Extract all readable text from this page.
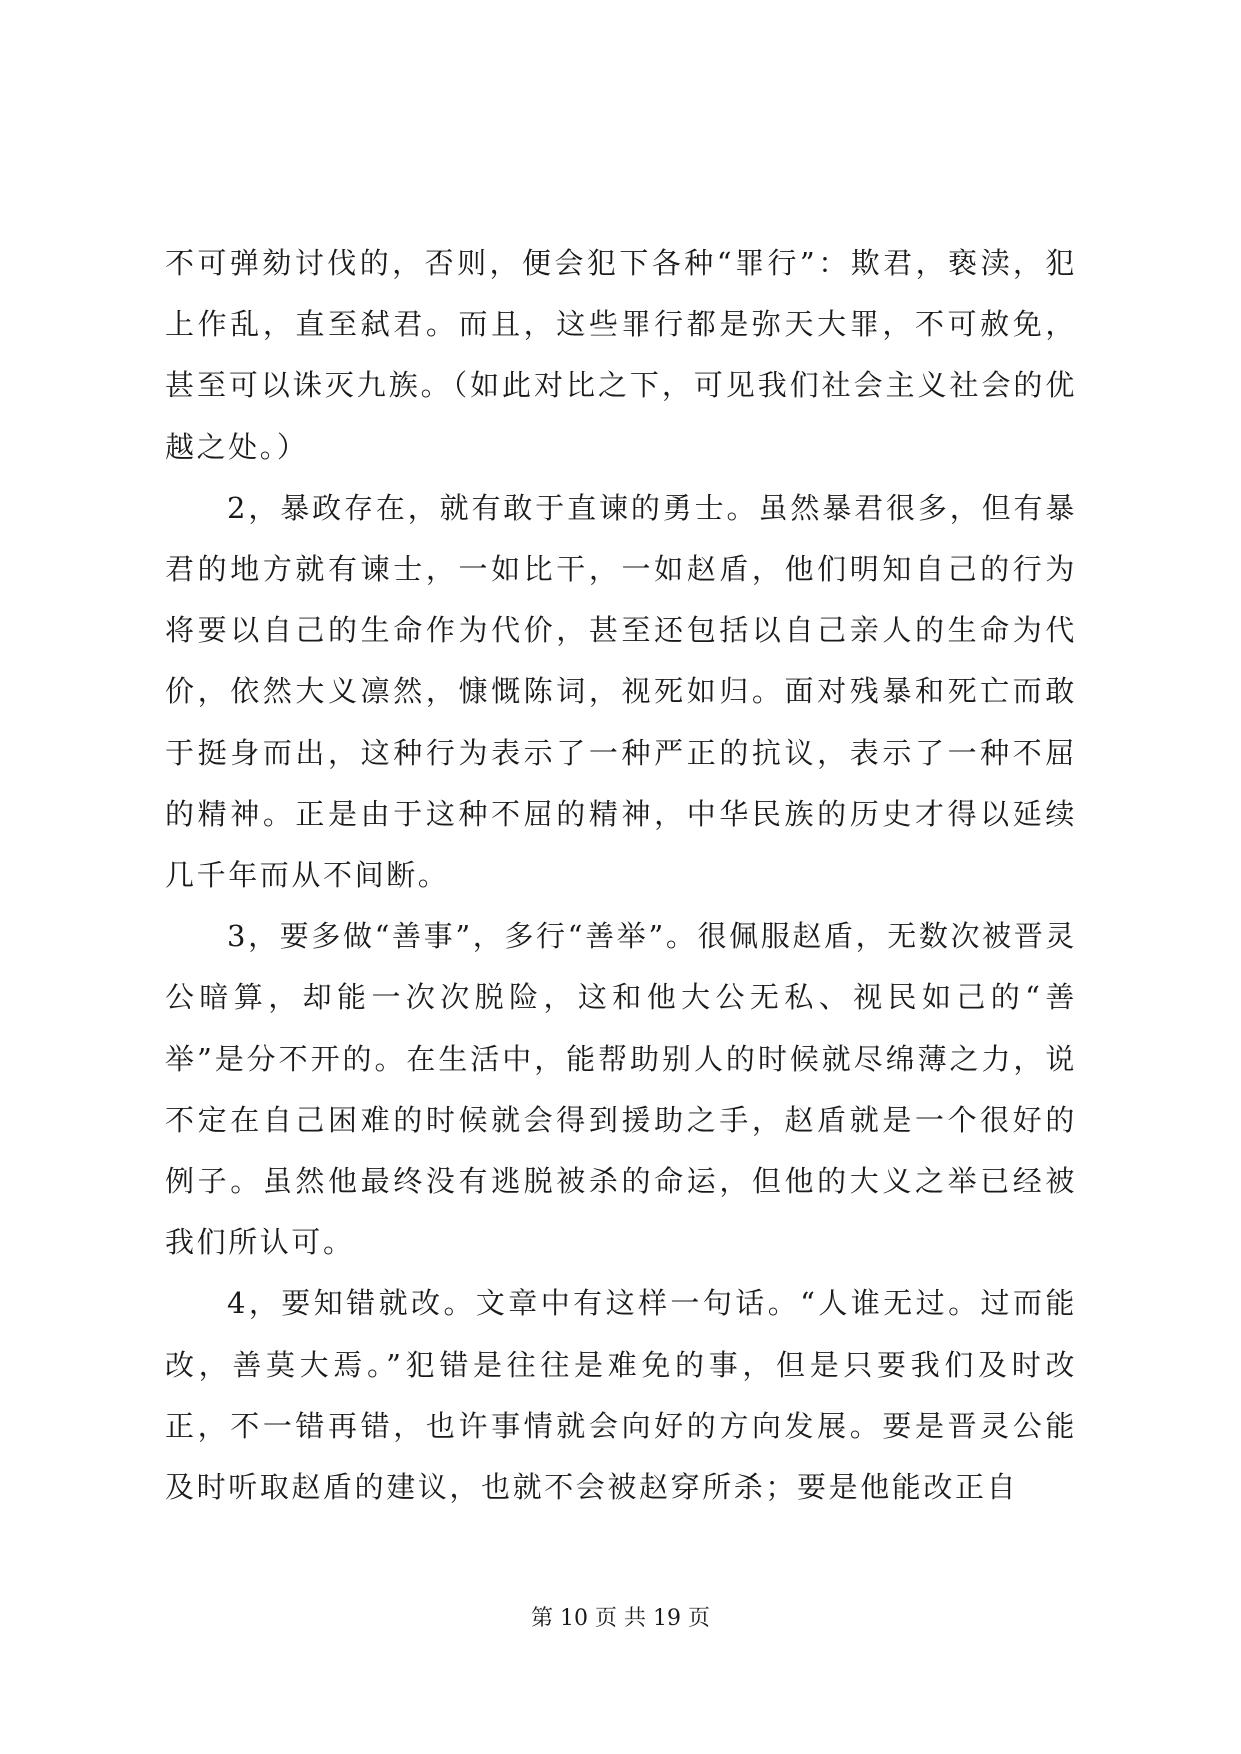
不可弹劾讨伐的，否则，便会犯下各种“罪行”：欺君，亵渎，犯上作乱，直至弑君。而且，这些罪行都是弥天大罪，不可赦免，甚至可以诛灭九族。（如此对比之下，可见我们社会主义社会的优越之处。）

2，暴政存在，就有敢于直谏的勇士。虽然暴君很多，但有暴君的地方就有谏士，一如比干，一如赵盾，他们明知自己的行为将要以自己的生命作为代价，甚至还包括以自己亲人的生命为代价，依然大义凛然，慷慨陈词，视死如归。面对残暴和死亡而敢于挺身而出，这种行为表示了一种严正的抗议，表示了一种不屈的精神。正是由于这种不屈的精神，中华民族的历史才得以延续几千年而从不间断。

3，要多做“善事”，多行“善举”。很佩服赵盾，无数次被晋灵公暗算，却能一次次脱险，这和他大公无私、视民如己的“善举”是分不开的。在生活中，能帮助别人的时候就尽绵薄之力，说不定在自己困难的时候就会得到援助之手，赵盾就是一个很好的例子。虽然他最终没有逃脱被杀的命运，但他的大义之举已经被我们所认可。

4，要知错就改。文章中有这样一句话。“人谁无过。过而能改，善莫大焉。”犯错是往往是难免的事，但是只要我们及时改正，不一错再错，也许事情就会向好的方向发展。要是晋灵公能及时听取赵盾的建议，也就不会被赵穿所杀；要是他能改正自

第 10 页 共 19 页
